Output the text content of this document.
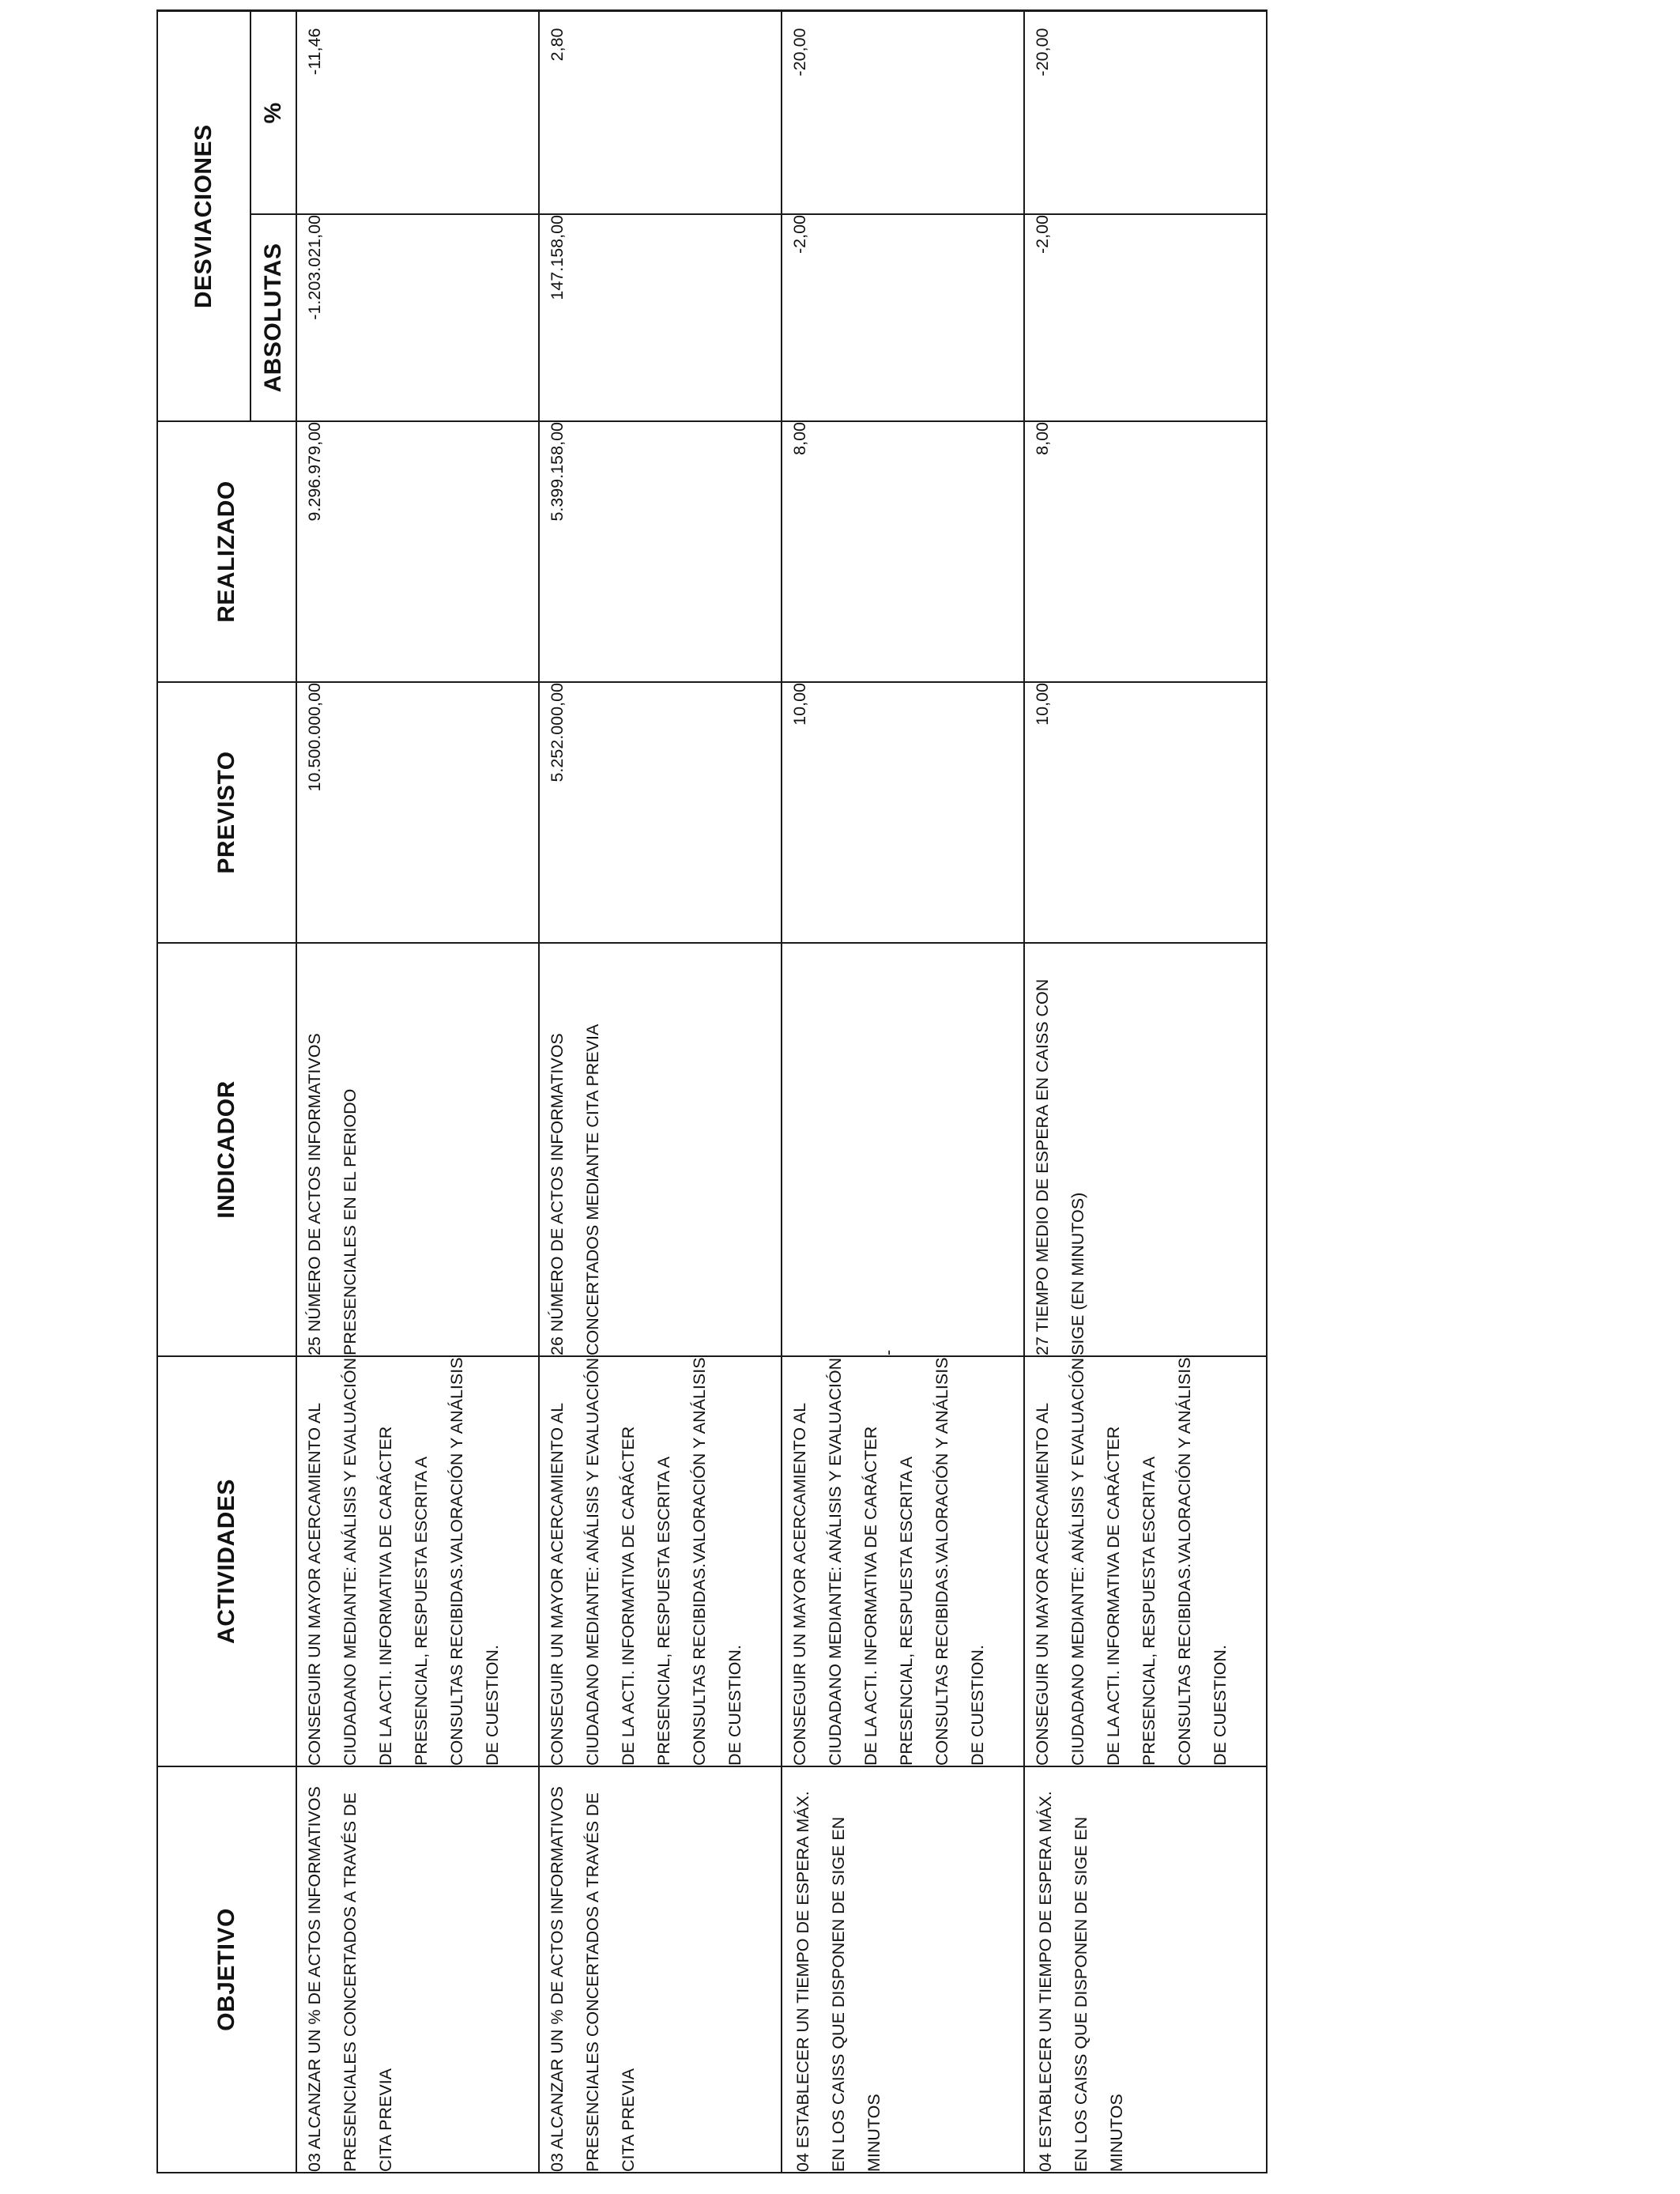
OBJETIVO	ACTIVIDADES	INDICADOR	PREVISTO	REALIZADO	DESVIACIONES	
					ABSOLUTAS	%
03 ALCANZAR UN % DE ACTOS INFORMATIVOS PRESENCIALES CONCERTADOS A TRAVÉS DE CITA PREVIA	CONSEGUIR UN MAYOR ACERCAMIENTO AL CIUDADANO MEDIANTE: ANÁLISIS Y EVALUACIÓN DE LA ACTI. INFORMATIVA DE CARÁCTER PRESENCIAL, RESPUESTA ESCRITA A CONSULTAS RECIBIDAS.VALORACIÓN Y ANÁLISIS DE CUESTION.	25 NÚMERO DE ACTOS INFORMATIVOS PRESENCIALES EN EL PERIODO	10.500.000,00	9.296.979,00	-1.203.021,00	-11,46
03 ALCANZAR UN % DE ACTOS INFORMATIVOS PRESENCIALES CONCERTADOS A TRAVÉS DE CITA PREVIA	CONSEGUIR UN MAYOR ACERCAMIENTO AL CIUDADANO MEDIANTE: ANÁLISIS Y EVALUACIÓN DE LA ACTI. INFORMATIVA DE CARÁCTER PRESENCIAL, RESPUESTA ESCRITA A CONSULTAS RECIBIDAS.VALORACIÓN Y ANÁLISIS DE CUESTION.	26 NÚMERO DE ACTOS INFORMATIVOS CONCERTADOS MEDIANTE CITA PREVIA	5.252.000,00	5.399.158,00	147.158,00	2,80
04 ESTABLECER UN TIEMPO DE ESPERA MÁX. EN LOS CAISS QUE DISPONEN DE SIGE EN MINUTOS	CONSEGUIR UN MAYOR ACERCAMIENTO AL CIUDADANO MEDIANTE: ANÁLISIS Y EVALUACIÓN DE LA ACTI. INFORMATIVA DE CARÁCTER PRESENCIAL, RESPUESTA ESCRITA A CONSULTAS RECIBIDAS.VALORACIÓN Y ANÁLISIS DE CUESTION.	-	10,00	8,00	-2,00	-20,00
04 ESTABLECER UN TIEMPO DE ESPERA MÁX. EN LOS CAISS QUE DISPONEN DE SIGE EN MINUTOS	CONSEGUIR UN MAYOR ACERCAMIENTO AL CIUDADANO MEDIANTE: ANÁLISIS Y EVALUACIÓN DE LA ACTI. INFORMATIVA DE CARÁCTER PRESENCIAL, RESPUESTA ESCRITA A CONSULTAS RECIBIDAS.VALORACIÓN Y ANÁLISIS DE CUESTION.	27 TIEMPO MEDIO DE ESPERA EN CAISS CON SIGE (EN MINUTOS)	10,00	8,00	-2,00	-20,00
